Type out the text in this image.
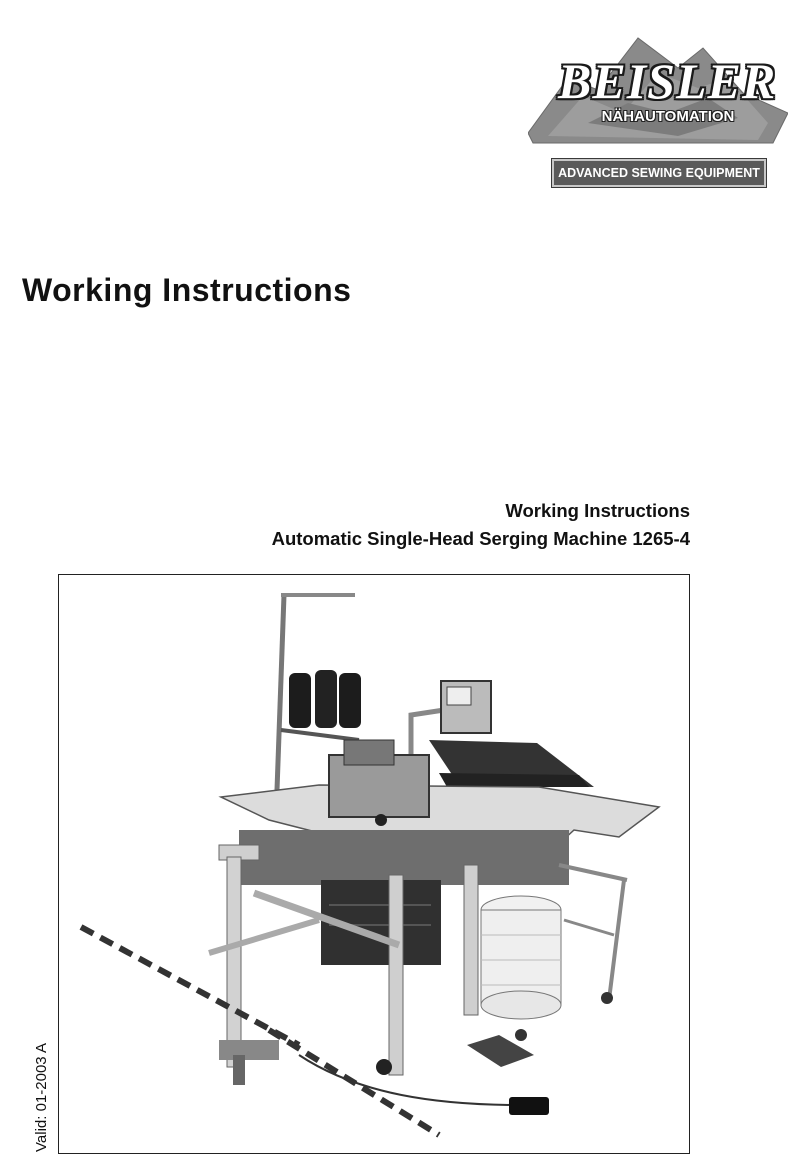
BEISLER
NÄHAUTOMATION
ADVANCED SEWING EQUIPMENT
Working Instructions
Working Instructions
Automatic Single-Head Serging Machine 1265-4
Valid: 01-2003 A
